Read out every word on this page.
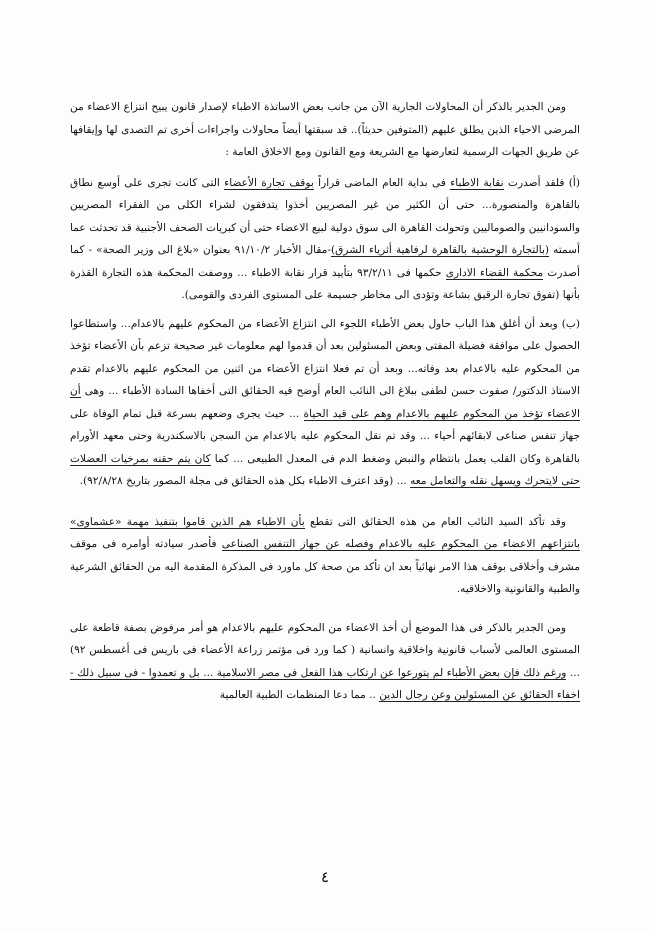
ومن الجدير بالذكر أن المحاولات الجارية الآن من جانب بعض الاساتذة الاطباء لإصدار قانون يبيح انتزاع الاعضاء من المرضى الاحياء الذين يطلق عليهم (المتوفين حديثاً).. قد سبقتها أيضاً محاولات واجراءات أخرى تم التصدى لها وإيقافها عن طريق الجهات الرسمية لتعارضها مع الشريعة ومع القانون ومع الاخلاق العامة :

(أ) فلقد أصدرت نقابة الاطباء فى بداية العام الماضى قراراً بوقف تجارة الأعضاء التى كانت تجرى على أوسع نطاق بالقاهرة والمنصورة... حتى أن الكثير من غير المصريين أخذوا يتدفقون لشراء الكلى من الفقراء المصريين والسودانيين والصوماليين وتحولت القاهرة الى سوق دولية لبيع الاعضاء حتى أن كبريات الصحف الأجنبية قد تحدثت عما أسمته (بالتجارة الوحشية بالقاهرة لرفاهية أثرياء الشرق)-مقال الأخبار ٩١/١٠/٢ بعنوان «بلاغ الى وزير الصحة» - كما أصدرت محكمة القضاء الادارى حكمها فى ٩٣/٢/١١ بتأييد قرار نقابة الاطباء ... ووصفت المحكمة هذه التجارة القذرة بأنها (تفوق تجارة الرقيق بشاعة وتؤدى الى مخاطر جسيمة على المستوى الفردى والقومى).

(ب) وبعد أن أغلق هذا الباب حاول بعض الأطباء اللجوء الى انتزاع الأعضاء من المحكوم عليهم بالاعدام... واستطاعوا الحصول على موافقة فضيلة المفتى وبعض المسئولين بعد أن قدموا لهم معلومات غير صحيحة تزعم بأن الأعضاء تؤخذ من المحكوم عليه بالاعدام بعد وفاته... وبعد أن تم فعلا انتزاع الأعضاء من اثنين من المحكوم عليهم بالاعدام تقدم الاستاذ الدكتور/ صفوت حسن لطفى ببلاغ الى النائب العام أوضح فيه الحقائق التى أخفاها السادة الأطباء ... وهى أن الاعضاء تؤخذ من المحكوم عليهم بالاعدام وهم على قيد الحياة ... حيث يجرى وضعهم بسرعة قبل تمام الوفاة على جهاز تنفس صناعى لابقائهم أحياء ... وقد تم نقل المحكوم عليه بالاعدام من السجن بالاسكندرية وحتى معهد الأورام بالقاهرة وكان القلب يعمل بانتظام والنبض وضغط الدم فى المعدل الطبيعى ... كما كان يتم حقنه بمرخيات العضلات حتى لايتحرك ويسهل نقله والتعامل معه ... (وقد اعترف الاطباء بكل هذه الحقائق فى مجلة المصور بتاريخ ٩٢/٨/٢٨).

وقد تأكد السيد النائب العام من هذه الحقائق التى تقطع بأن الاطباء هم الذين قاموا بتنفيذ مهمة «عشماوى» بانتزاعهم الاعضاء من المحكوم عليه بالاعدام وفصله عن جهاز التنفس الصناعى فأصدر سيادته أوامره فى موقف مشرف وأخلاقى بوقف هذا الامر نهائياً بعد ان تأكد من صحة كل ماورد فى المذكرة المقدمة اليه من الحقائق الشرعية والطبية والقانونية والاخلاقيه.

ومن الجدير بالذكر فى هذا الموضع أن أخذ الاعضاء من المحكوم عليهم بالاعدام هو أمر مرفوض بصفة قاطعة على المستوى العالمى لأسباب قانونية واخلاقية وانسانية ( كما ورد فى مؤتمر زراعة الأعضاء فى باريس فى أغسطس ٩٢) ... ورغم ذلك فإن بعض الأطباء لم يتورعوا عن ارتكاب هذا الفعل فى مصر الاسلامية ... بل و تعمدوا - فى سبيل ذلك - اخفاء الحقائق عن المسئولين وعن رجال الدين .. مما دعا المنظمات الطبية العالمية

٤
